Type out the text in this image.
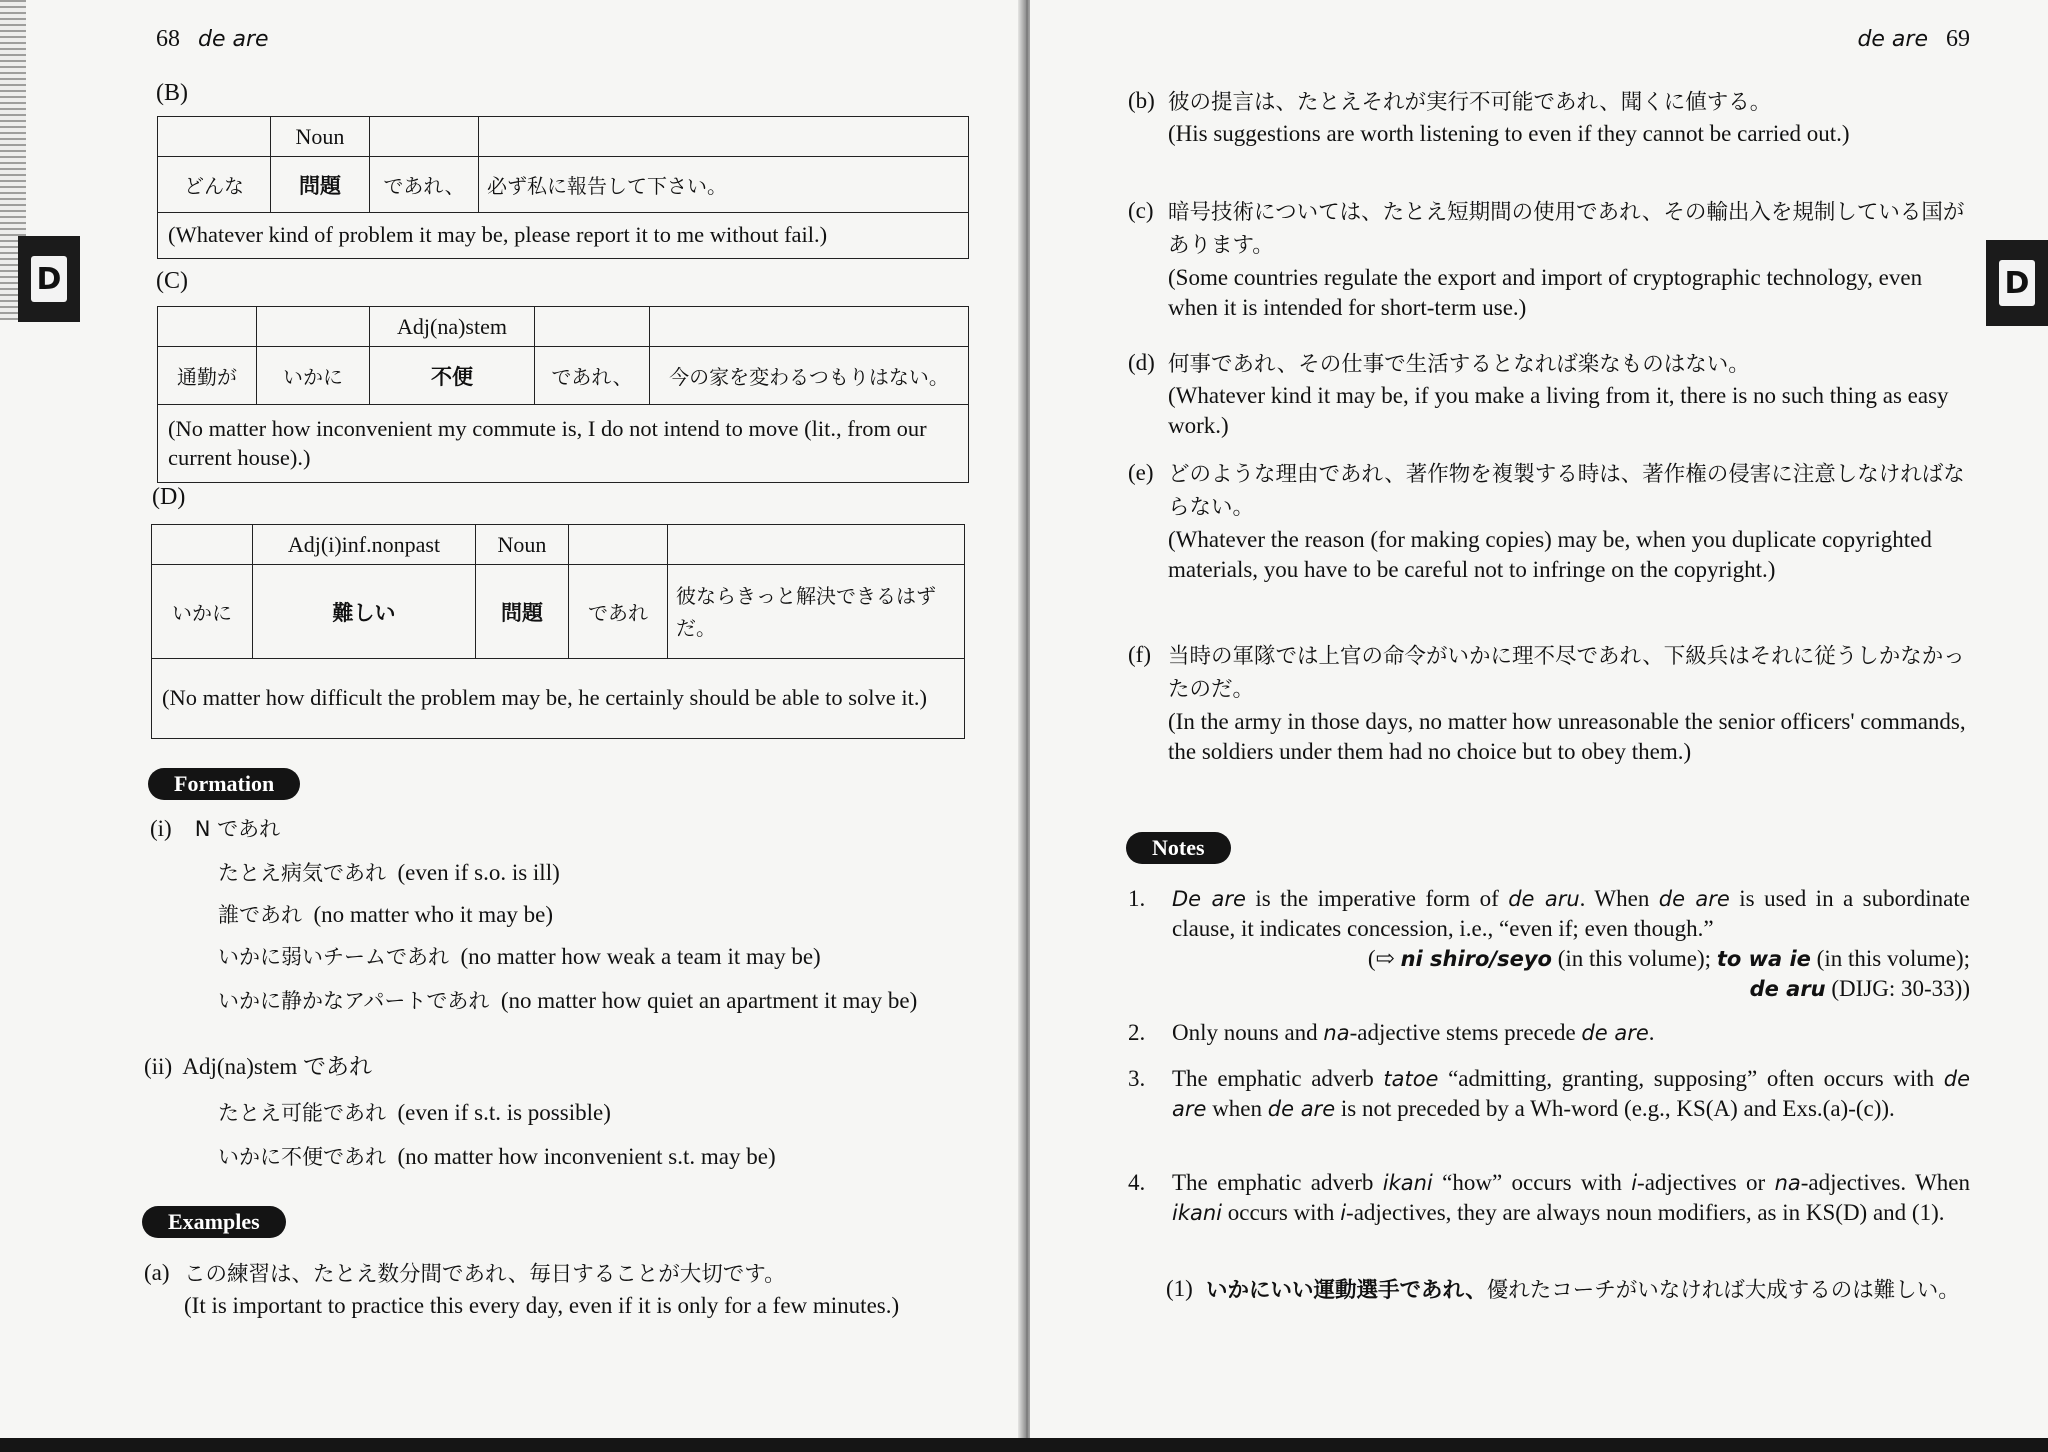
D
68 de are
(B)
	Noun		
どんな	問題	であれ、	必ず私に報告して下さい。
(Whatever kind of problem it may be, please report it to me without fail.)			
(C)
		Adj(na)stem		
通勤が	いかに	不便	であれ、	今の家を変わるつもりはない。
(No matter how inconvenient my commute is, I do not intend to move (lit., from our current house).)				
(D)
	Adj(i)inf.nonpast	Noun		
いかに	難しい	問題	であれ	彼ならきっと解決できるはずだ。
(No matter how difficult the problem may be, he certainly should be able to solve it.)				
Formation
(i) N であれ
たとえ病気であれ (even if s.o. is ill)
誰であれ (no matter who it may be)
いかに弱いチームであれ (no matter how weak a team it may be)
いかに静かなアパートであれ (no matter how quiet an apartment it may be)
(ii) Adj(na)stem であれ
たとえ可能であれ (even if s.t. is possible)
いかに不便であれ (no matter how inconvenient s.t. may be)
Examples
(a) この練習は、たとえ数分間であれ、毎日することが大切です。
(It is important to practice this every day, even if it is only for a few minutes.)
D
de are 69
(b) 彼の提言は、たとえそれが実行不可能であれ、聞くに値する。
(His suggestions are worth listening to even if they cannot be carried out.)
(c) 暗号技術については、たとえ短期間の使用であれ、その輸出入を規制している国があります。
(Some countries regulate the export and import of cryptographic technology, even when it is intended for short-term use.)
(d) 何事であれ、その仕事で生活するとなれば楽なものはない。
(Whatever kind it may be, if you make a living from it, there is no such thing as easy work.)
(e) どのような理由であれ、著作物を複製する時は、著作権の侵害に注意しなければならない。
(Whatever the reason (for making copies) may be, when you duplicate copyrighted materials, you have to be careful not to infringe on the copyright.)
(f) 当時の軍隊では上官の命令がいかに理不尽であれ、下級兵はそれに従うしかなかったのだ。
(In the army in those days, no matter how unreasonable the senior officers' commands, the soldiers under them had no choice but to obey them.)
Notes
1. De are is the imperative form of de aru. When de are is used in a subordinate clause, it indicates concession, i.e., “even if; even though.”
(⇨ ni shiro/seyo (in this volume); to wa ie (in this volume);
de aru (DIJG: 30-33))
2. Only nouns and na-adjective stems precede de are.
3. The emphatic adverb tatoe “admitting, granting, supposing” often occurs with de are when de are is not preceded by a Wh-word (e.g., KS(A) and Exs.(a)-(c)).
4. The emphatic adverb ikani “how” occurs with i-adjectives or na-adjectives. When ikani occurs with i-adjectives, they are always noun modifiers, as in KS(D) and (1).
(1) いかにいい運動選手であれ、優れたコーチがいなければ大成するのは難しい。
